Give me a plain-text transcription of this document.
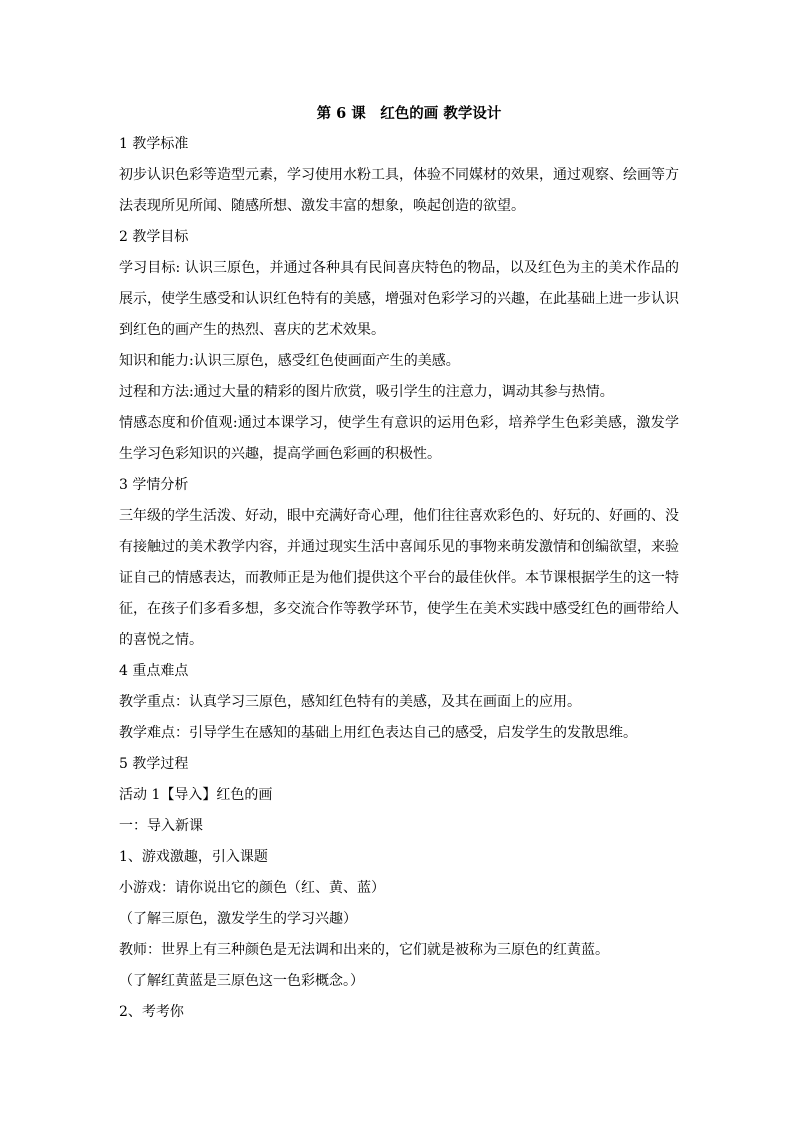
第 6 课　红色的画 教学设计

1 教学标准

初步认识色彩等造型元素，学习使用水粉工具，体验不同媒材的效果，通过观察、绘画等方

法表现所见所闻、随感所想、激发丰富的想象，唤起创造的欲望。

2 教学目标

学习目标: 认识三原色，并通过各种具有民间喜庆特色的物品，以及红色为主的美术作品的

展示，使学生感受和认识红色特有的美感，增强对色彩学习的兴趣，在此基础上进一步认识

到红色的画产生的热烈、喜庆的艺术效果。

知识和能力:认识三原色，感受红色使画面产生的美感。

过程和方法:通过大量的精彩的图片欣赏，吸引学生的注意力，调动其参与热情。

情感态度和价值观:通过本课学习，使学生有意识的运用色彩，培养学生色彩美感，激发学

生学习色彩知识的兴趣，提高学画色彩画的积极性。

3 学情分析

三年级的学生活泼、好动，眼中充满好奇心理，他们往往喜欢彩色的、好玩的、好画的、没

有接触过的美术教学内容，并通过现实生活中喜闻乐见的事物来萌发激情和创编欲望，来验

证自己的情感表达，而教师正是为他们提供这个平台的最佳伙伴。本节课根据学生的这一特

征，在孩子们多看多想，多交流合作等教学环节，使学生在美术实践中感受红色的画带给人

的喜悦之情。

4 重点难点

教学重点：认真学习三原色，感知红色特有的美感，及其在画面上的应用。

教学难点：引导学生在感知的基础上用红色表达自己的感受，启发学生的发散思维。

5 教学过程

活动 1【导入】红色的画

一：导入新课

1、游戏激趣，引入课题

小游戏：请你说出它的颜色（红、黄、蓝）

（了解三原色，激发学生的学习兴趣）

教师：世界上有三种颜色是无法调和出来的，它们就是被称为三原色的红黄蓝。

（了解红黄蓝是三原色这一色彩概念。）

2、考考你
